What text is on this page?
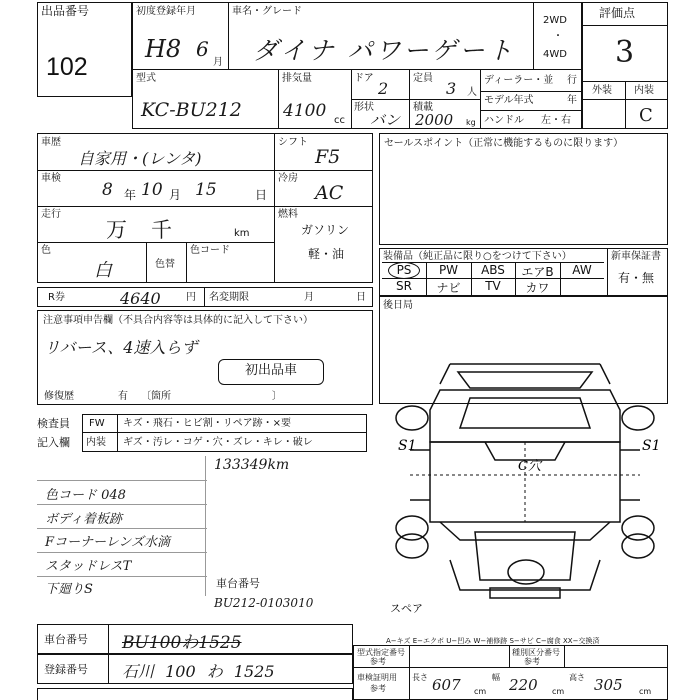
出品番号
102
初度登録年月
H8 6
月
車名・グレード
ダイナ パワーゲート
2WD
・
4WD
型式
KC-BU212
排気量
4100 cc
ドア
2
定員
3 人
形状
バン
積載
2000 kg
ディーラー・並 行
モデル年式	年
ハンドル 左・右
評価点
3
外装 内装
C
車歴
自家用・(レンタ)
シフト
F5
車検
8 年 10 月 15	日
冷房
AC
走行
万 千	km
燃料
ガソリン
軽・油
色
白	色替
色コード
セールスポイント（正常に機能するものに限ります）
装備品（純正品に限り○をつけて下さい）	新車保証書
有・無
PS	PW	ABS	エアB	AW
SR	ナビ	TV	カワ
後日局
R券	4640	円 名変期限	月	日
注意事項申告欄（不具合内容等は具体的に記入して下さい）
リバース、4速入らず
初出品車
修復歴	有 〔箇所	〕
検査員
記入欄
FW キズ・飛石・ヒビ割・リペア跡・×要
内装 ギズ・汚レ・コゲ・穴・ズレ・キレ・破レ
色コード 048
ボディ着板跡
Fコーナーレンズ水滴
スタッドレスT
下廻りS
133349km
車台番号
BU212-0103010
S1	S1
C穴
スペア
A−キズ E−エクボ U−凹み W−補修跡 S−サビ C−腐食 XX−交換済
車台番号 BU100わ1525
登録番号 石川 100 わ 1525
型式指定番号
参考
種別区分番号
参考
車検証明用
参考
長さ 607 cm
幅 220 cm
高さ 305 cm
